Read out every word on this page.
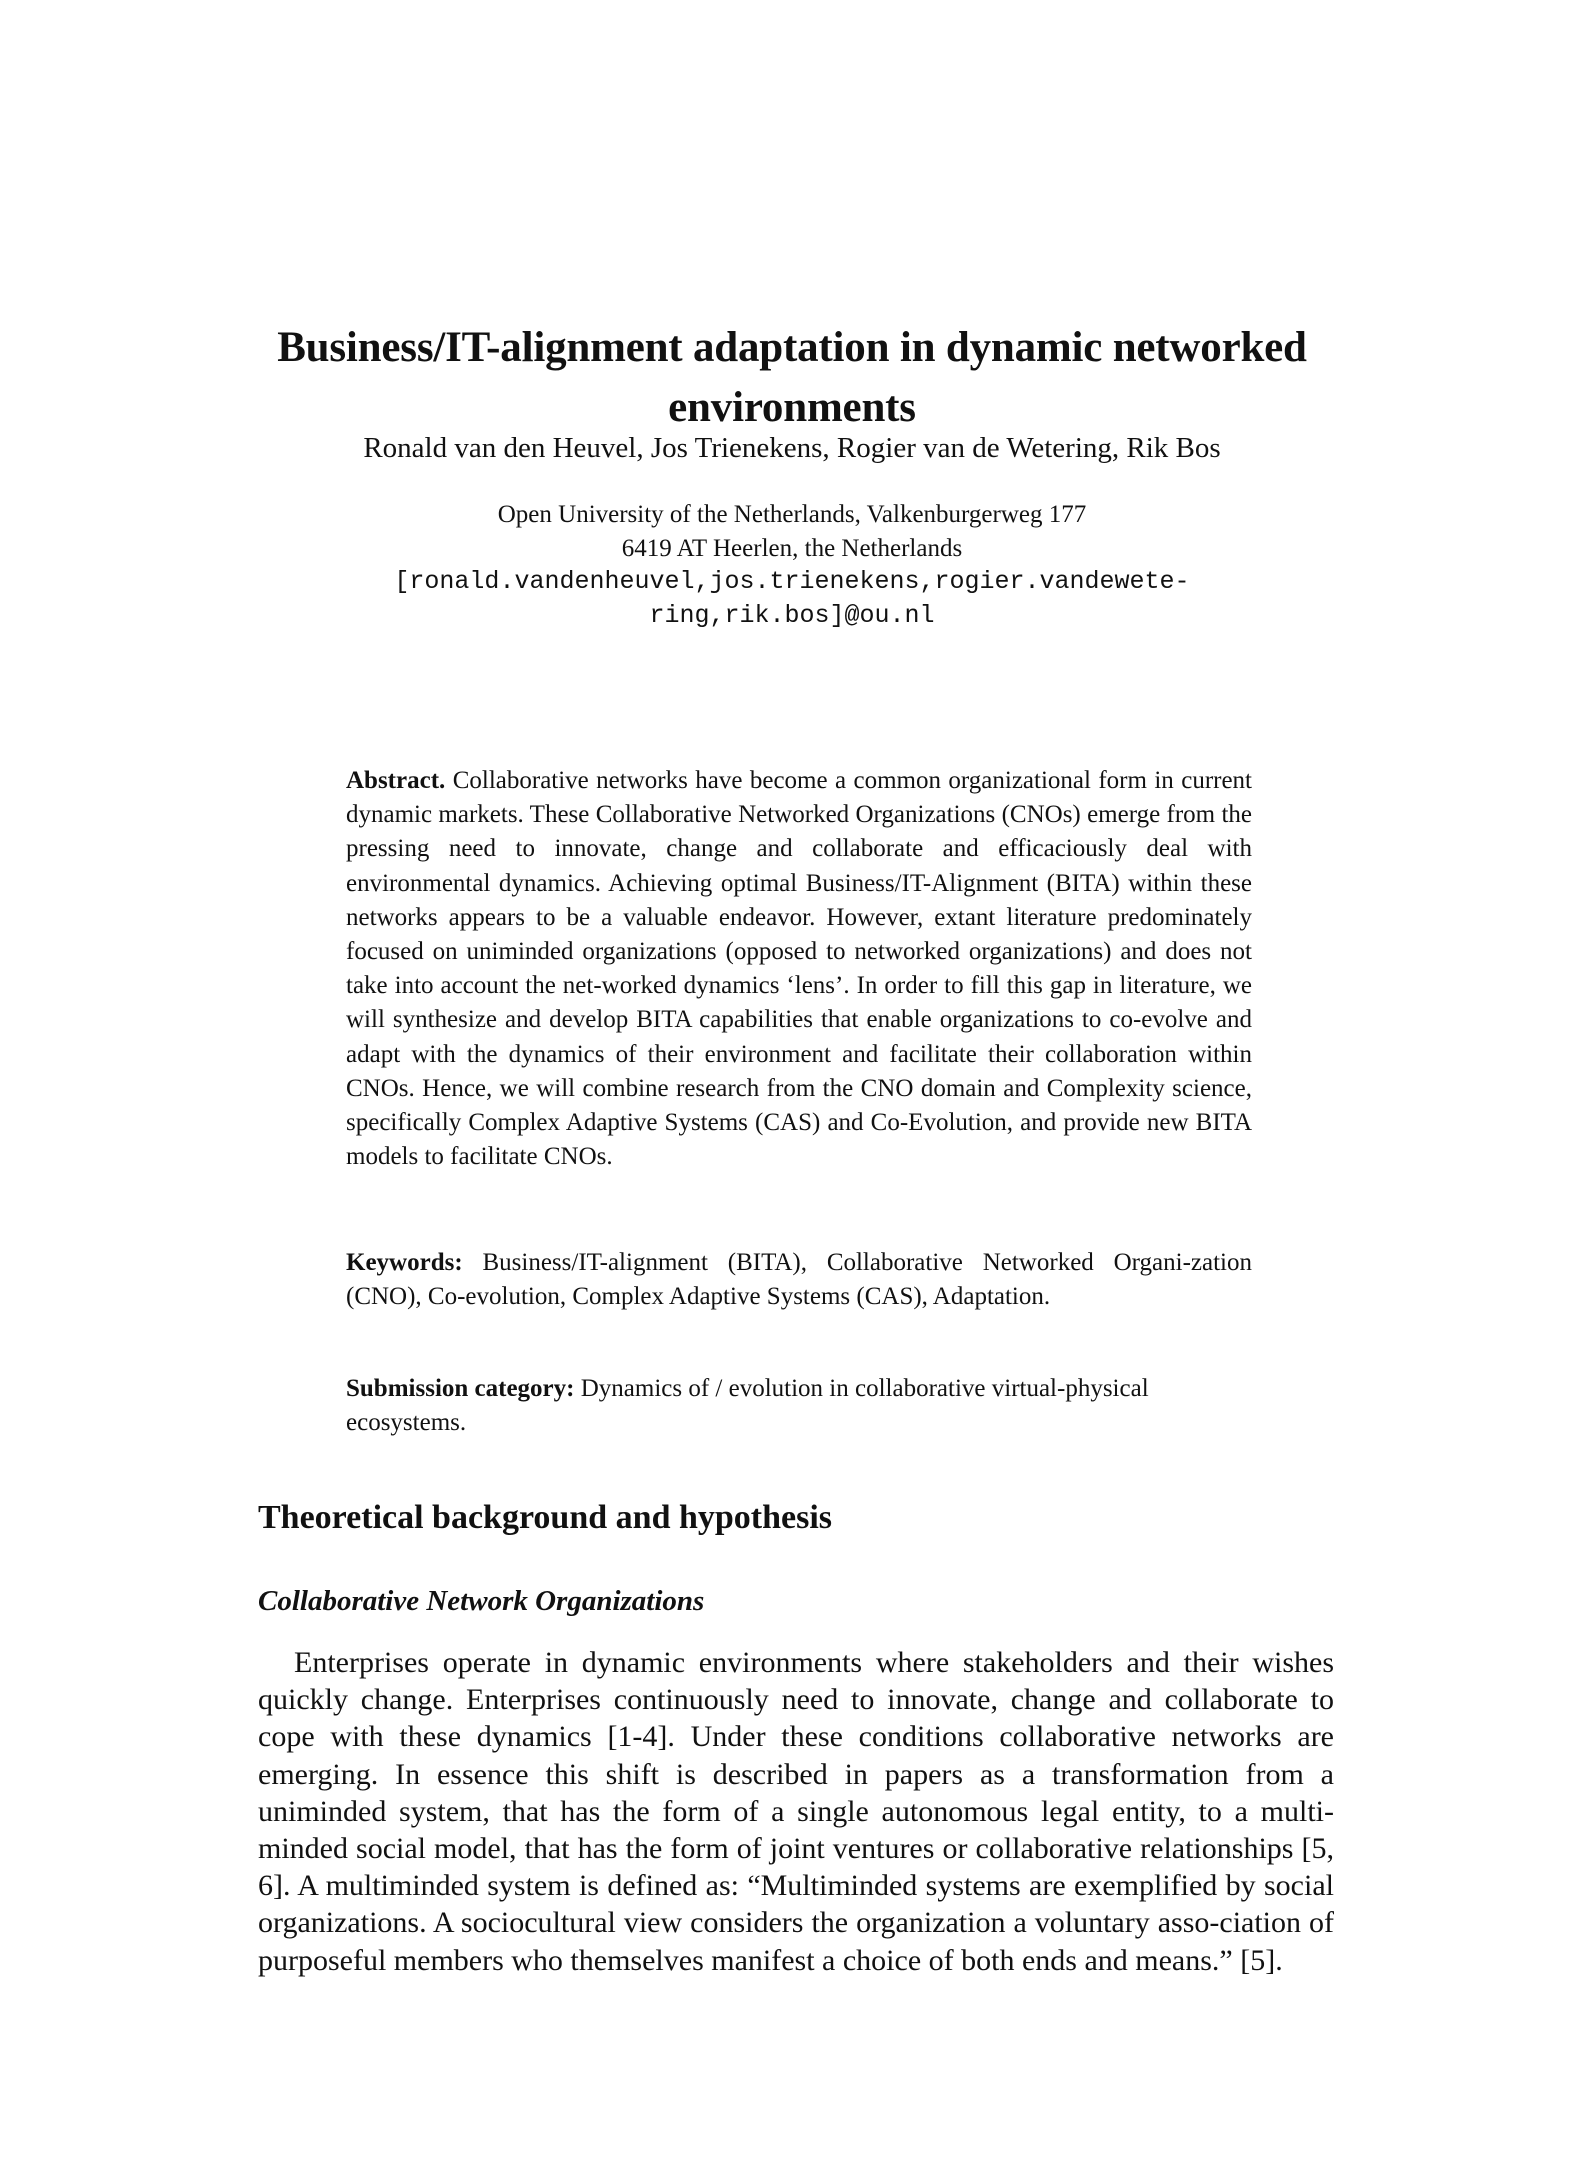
Business/IT-alignment adaptation in dynamic networked
environments
Ronald van den Heuvel, Jos Trienekens, Rogier van de Wetering, Rik Bos
Open University of the Netherlands, Valkenburgerweg 177
6419 AT Heerlen, the Netherlands
[ronald.vandenheuvel,jos.trienekens,rogier.vandewete-
ring,rik.bos]@ou.nl

Abstract. Collaborative networks have become a common organizational form in current dynamic markets. These Collaborative Networked Organizations (CNOs) emerge from the pressing need to innovate, change and collaborate and efficaciously deal with environmental dynamics. Achieving optimal Business/IT-Alignment (BITA) within these networks appears to be a valuable endeavor. However, extant literature predominately focused on uniminded organizations (opposed to networked organizations) and does not take into account the net-worked dynamics ‘lens’. In order to fill this gap in literature, we will synthesize and develop BITA capabilities that enable organizations to co-evolve and adapt with the dynamics of their environment and facilitate their collaboration within CNOs. Hence, we will combine research from the CNO domain and Complexity science, specifically Complex Adaptive Systems (CAS) and Co-Evolution, and provide new BITA models to facilitate CNOs.

Keywords: Business/IT-alignment (BITA), Collaborative Networked Organi-zation (CNO), Co-evolution, Complex Adaptive Systems (CAS), Adaptation.
Submission category: Dynamics of / evolution in collaborative virtual-physical ecosystems.
Theoretical background and hypothesis
Collaborative Network Organizations

Enterprises operate in dynamic environments where stakeholders and their wishes quickly change. Enterprises continuously need to innovate, change and collaborate to cope with these dynamics [1-4]. Under these conditions collaborative networks are emerging. In essence this shift is described in papers as a transformation from a uniminded system, that has the form of a single autonomous legal entity, to a multi-minded social model, that has the form of joint ventures or collaborative relationships [5, 6]. A multiminded system is defined as: “Multiminded systems are exemplified by social organizations. A sociocultural view considers the organization a voluntary asso-ciation of purposeful members who themselves manifest a choice of both ends and means.” [5].
